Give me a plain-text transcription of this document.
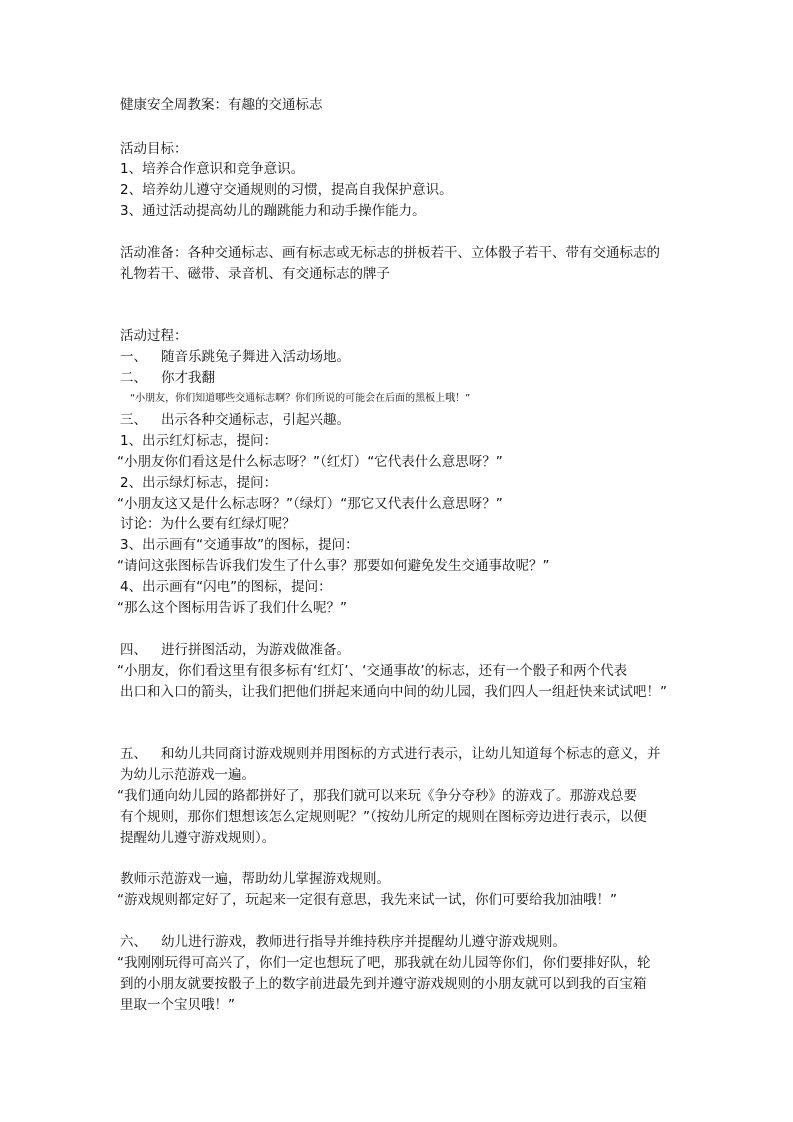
健康安全周教案：有趣的交通标志
活动目标：
1、培养合作意识和竞争意识。
2、培养幼儿遵守交通规则的习惯，提高自我保护意识。
3、通过活动提高幼儿的蹦跳能力和动手操作能力。
活动准备：各种交通标志、画有标志或无标志的拼板若干、立体骰子若干、带有交通标志的
礼物若干、磁带、录音机、有交通标志的牌子
活动过程：
一、 随音乐跳兔子舞进入活动场地。
二、 你才我翻
“小朋友，你们知道哪些交通标志啊？你们所说的可能会在后面的黑板上哦！”
三、 出示各种交通标志，引起兴趣。
1、出示红灯标志，提问：
“小朋友你们看这是什么标志呀？”（红灯）“它代表什么意思呀？”
2、出示绿灯标志，提问：
“小朋友这又是什么标志呀？”（绿灯）“那它又代表什么意思呀？”
讨论：为什么要有红绿灯呢？
3、出示画有“交通事故”的图标，提问：
“请问这张图标告诉我们发生了什么事？那要如何避免发生交通事故呢？”
4、出示画有“闪电”的图标，提问：
“那么这个图标用告诉了我们什么呢？”
四、 进行拼图活动，为游戏做准备。
“小朋友，你们看这里有很多标有‘红灯’、‘交通事故’的标志，还有一个骰子和两个代表
出口和入口的箭头，让我们把他们拼起来通向中间的幼儿园，我们四人一组赶快来试试吧！”
五、 和幼儿共同商讨游戏规则并用图标的方式进行表示，让幼儿知道每个标志的意义，并
为幼儿示范游戏一遍。
“我们通向幼儿园的路都拼好了，那我们就可以来玩《争分夺秒》的游戏了。那游戏总要
有个规则，那你们想想该怎么定规则呢？”（按幼儿所定的规则在图标旁边进行表示，以便
提醒幼儿遵守游戏规则）。
教师示范游戏一遍，帮助幼儿掌握游戏规则。
“游戏规则都定好了，玩起来一定很有意思，我先来试一试，你们可要给我加油哦！”
六、 幼儿进行游戏，教师进行指导并维持秩序并提醒幼儿遵守游戏规则。
“我刚刚玩得可高兴了，你们一定也想玩了吧，那我就在幼儿园等你们，你们要排好队，轮
到的小朋友就要按骰子上的数字前进最先到并遵守游戏规则的小朋友就可以到我的百宝箱
里取一个宝贝哦！”
